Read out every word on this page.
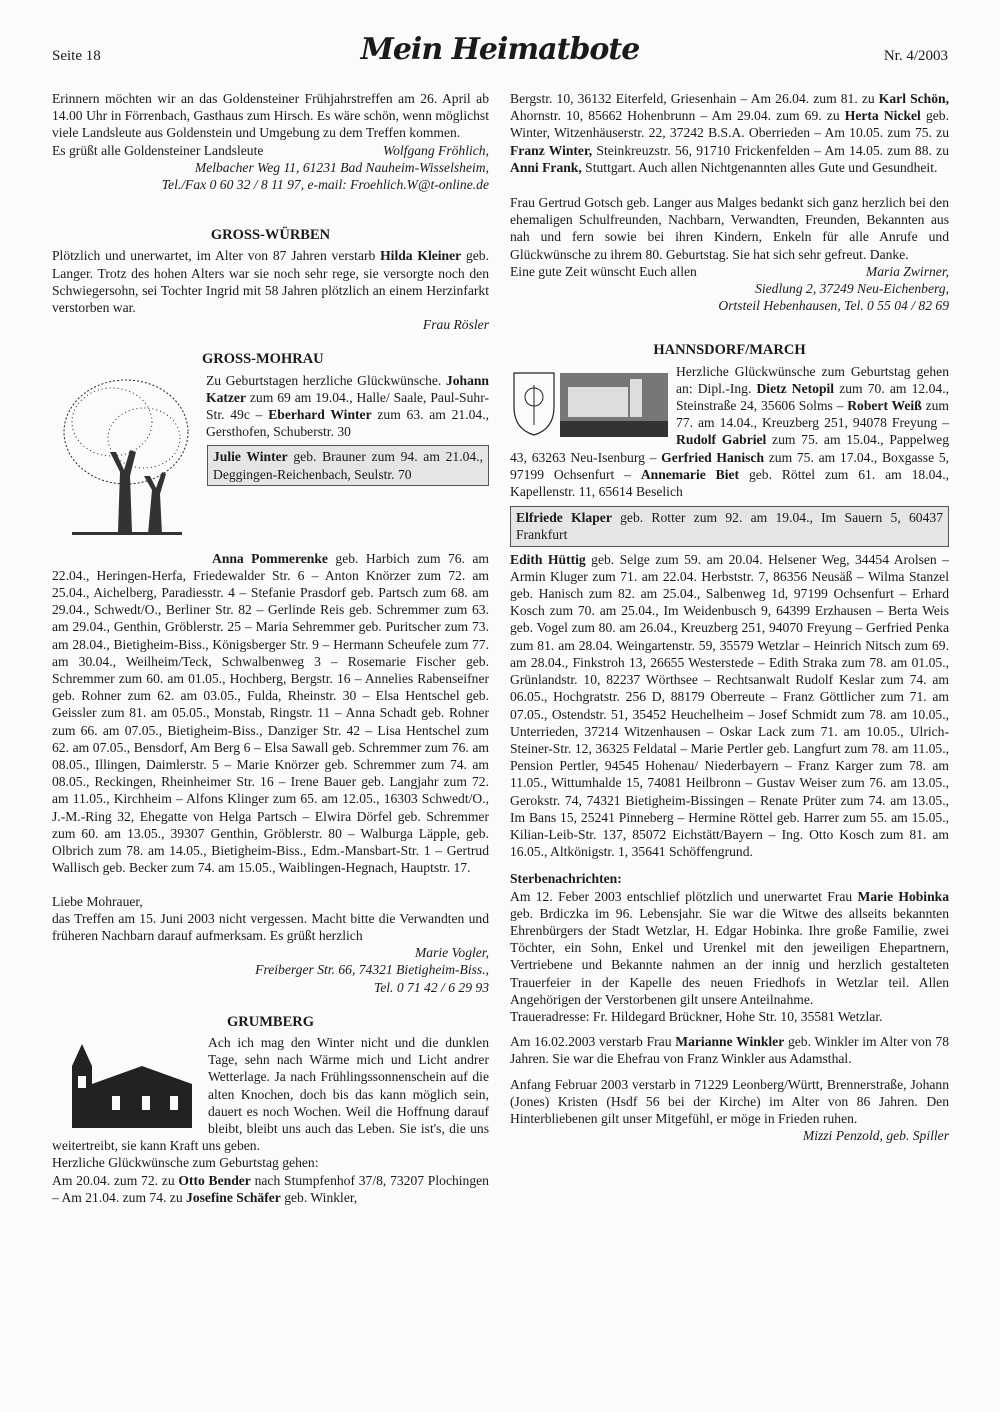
Seite 18	Mein Heimatbote	Nr. 4/2003

Erinnern möchten wir an das Goldensteiner Frühjahrstreffen am 26. April ab 14.00 Uhr in Förrenbach, Gasthaus zum Hirsch. Es wäre schön, wenn möglichst viele Landsleute aus Goldenstein und Umgebung zu dem Treffen kommen.

Es grüßt alle Goldensteiner Landsleute	Wolfgang Fröhlich,

Melbacher Weg 11, 61231 Bad Nauheim-Wisselsheim,

Tel./Fax 0 60 32 / 8 11 97, e-mail: Froehlich.W@t-online.de

GROSS-WÜRBEN

Plötzlich und unerwartet, im Alter von 87 Jahren verstarb Hilda Kleiner geb. Langer. Trotz des hohen Alters war sie noch sehr rege, sie versorgte noch den Schwiegersohn, sei Tochter Ingrid mit 58 Jahren plötzlich an einem Herzinfarkt verstorben war.

Frau Rösler

GROSS-MOHRAU

Zu Geburtstagen herzliche Glückwünsche. Johann Katzer zum 69 am 19.04., Halle/ Saale, Paul-Suhr-Str. 49c – Eberhard Winter zum 63. am 21.04., Gersthofen, Schuberstr. 30

Julie Winter geb. Brauner zum 94. am 21.04., Deggingen-Reichenbach, Seulstr. 70

Anna Pommerenke geb. Harbich zum 76. am 22.04., Heringen-Herfa, Friedewalder Str. 6 – Anton Knörzer zum 72. am 25.04., Aichelberg, Paradiesstr. 4 – Stefanie Prasdorf geb. Partsch zum 68. am 29.04., Schwedt/O., Berliner Str. 82 – Gerlinde Reis geb. Schremmer zum 63. am 29.04., Genthin, Gröblerstr. 25 – Maria Sehremmer geb. Puritscher zum 73. am 28.04., Bietigheim-Biss., Königsberger Str. 9 – Hermann Scheufele zum 77. am 30.04., Weilheim/Teck, Schwalbenweg 3 – Rosemarie Fischer geb. Schremmer zum 60. am 01.05., Hochberg, Bergstr. 16 – Annelies Rabenseifner geb. Rohner zum 62. am 03.05., Fulda, Rheinstr. 30 – Elsa Hentschel geb. Geissler zum 81. am 05.05., Monstab, Ringstr. 11 – Anna Schadt geb. Rohner zum 66. am 07.05., Bietigheim-Biss., Danziger Str. 42 – Lisa Hentschel zum 62. am 07.05., Bensdorf, Am Berg 6 – Elsa Sawall geb. Schremmer zum 76. am 08.05., Illingen, Daimlerstr. 5 – Marie Knörzer geb. Schremmer zum 74. am 08.05., Reckingen, Rheinheimer Str. 16 – Irene Bauer geb. Langjahr zum 72. am 11.05., Kirchheim – Alfons Klinger zum 65. am 12.05., 16303 Schwedt/O., J.-M.-Ring 32, Ehegatte von Helga Partsch – Elwira Dörfel geb. Schremmer zum 60. am 13.05., 39307 Genthin, Gröblerstr. 80 – Walburga Läpple, geb. Olbrich zum 78. am 14.05., Bietigheim-Biss., Edm.-Mansbart-Str. 1 – Gertrud Wallisch geb. Becker zum 74. am 15.05., Waiblingen-Hegnach, Hauptstr. 17.

Liebe Mohrauer,

das Treffen am 15. Juni 2003 nicht vergessen. Macht bitte die Verwandten und früheren Nachbarn darauf aufmerksam. Es grüßt herzlich

Marie Vogler,

Freiberger Str. 66, 74321 Bietigheim-Biss.,

Tel. 0 71 42 / 6 29 93

GRUMBERG

Ach ich mag den Winter nicht und die dunklen Tage, sehn nach Wärme mich und Licht andrer Wetterlage. Ja nach Frühlingssonnenschein auf die alten Knochen, doch bis das kann möglich sein, dauert es noch Wochen. Weil die Hoffnung darauf bleibt, bleibt uns auch das Leben. Sie ist's, die uns weitertreibt, sie kann Kraft uns geben.

Herzliche Glückwünsche zum Geburtstag gehen:

Am 20.04. zum 72. zu Otto Bender nach Stumpfenhof 37/8, 73207 Plochingen – Am 21.04. zum 74. zu Josefine Schäfer geb. Winkler,

Bergstr. 10, 36132 Eiterfeld, Griesenhain – Am 26.04. zum 81. zu Karl Schön, Ahornstr. 10, 85662 Hohenbrunn – Am 29.04. zum 69. zu Herta Nickel geb. Winter, Witzenhäuserstr. 22, 37242 B.S.A. Oberrieden – Am 10.05. zum 75. zu Franz Winter, Steinkreuzstr. 56, 91710 Frickenfelden – Am 14.05. zum 88. zu Anni Frank, Stuttgart. Auch allen Nichtgenannten alles Gute und Gesundheit.

Frau Gertrud Gotsch geb. Langer aus Malges bedankt sich ganz herzlich bei den ehemaligen Schulfreunden, Nachbarn, Verwandten, Freunden, Bekannten aus nah und fern sowie bei ihren Kindern, Enkeln für alle Anrufe und Glückwünsche zu ihrem 80. Geburtstag. Sie hat sich sehr gefreut. Danke.

Eine gute Zeit wünscht Euch allen	Maria Zwirner,

Siedlung 2, 37249 Neu-Eichenberg,

Ortsteil Hebenhausen, Tel. 0 55 04 / 82 69

HANNSDORF/MARCH

Herzliche Glückwünsche zum Geburtstag gehen an: Dipl.-Ing. Dietz Netopil zum 70. am 12.04., Steinstraße 24, 35606 Solms – Robert Weiß zum 77. am 14.04., Kreuzberg 251, 94078 Freyung – Rudolf Gabriel zum 75. am 15.04., Pappelweg 43, 63263 Neu-Isenburg – Gerfried Hanisch zum 75. am 17.04., Boxgasse 5, 97199 Ochsenfurt – Annemarie Biet geb. Röttel zum 61. am 18.04., Kapellenstr. 11, 65614 Beselich

Elfriede Klaper geb. Rotter zum 92. am 19.04., Im Sauern 5, 60437 Frankfurt

Edith Hüttig geb. Selge zum 59. am 20.04. Helsener Weg, 34454 Arolsen – Armin Kluger zum 71. am 22.04. Herbststr. 7, 86356 Neusäß – Wilma Stanzel geb. Hanisch zum 82. am 25.04., Salbenweg 1d, 97199 Ochsenfurt – Erhard Kosch zum 70. am 25.04., Im Weidenbusch 9, 64399 Erzhausen – Berta Weis geb. Vogel zum 80. am 26.04., Kreuzberg 251, 94070 Freyung – Gerfried Penka zum 81. am 28.04. Weingartenstr. 59, 35579 Wetzlar – Heinrich Nitsch zum 69. am 28.04., Finkstroh 13, 26655 Westerstede – Edith Straka zum 78. am 01.05., Grünlandstr. 10, 82237 Wörthsee – Rechtsanwalt Rudolf Keslar zum 74. am 06.05., Hochgratstr. 256 D, 88179 Oberreute – Franz Göttlicher zum 71. am 07.05., Ostendstr. 51, 35452 Heuchelheim – Josef Schmidt zum 78. am 10.05., Unterrieden, 37214 Witzenhausen – Oskar Lack zum 71. am 10.05., Ulrich-Steiner-Str. 12, 36325 Feldatal – Marie Pertler geb. Langfurt zum 78. am 11.05., Pension Pertler, 94545 Hohenau/ Niederbayern – Franz Karger zum 78. am 11.05., Wittumhalde 15, 74081 Heilbronn – Gustav Weiser zum 76. am 13.05., Gerokstr. 74, 74321 Bietigheim-Bissingen – Renate Prüter zum 74. am 13.05., Im Bans 15, 25241 Pinneberg – Hermine Röttel geb. Harrer zum 55. am 15.05., Kilian-Leib-Str. 137, 85072 Eichstätt/Bayern – Ing. Otto Kosch zum 81. am 16.05., Altkönigstr. 1, 35641 Schöffengrund.

Sterbenachrichten:

Am 12. Feber 2003 entschlief plötzlich und unerwartet Frau Marie Hobinka geb. Brdiczka im 96. Lebensjahr. Sie war die Witwe des allseits bekannten Ehrenbürgers der Stadt Wetzlar, H. Edgar Hobinka. Ihre große Familie, zwei Töchter, ein Sohn, Enkel und Urenkel mit den jeweiligen Ehepartnern, Vertriebene und Bekannte nahmen an der innig und herzlich gestalteten Trauerfeier in der Kapelle des neuen Friedhofs in Wetzlar teil. Allen Angehörigen der Verstorbenen gilt unsere Anteilnahme.

Traueradresse: Fr. Hildegard Brückner, Hohe Str. 10, 35581 Wetzlar.

Am 16.02.2003 verstarb Frau Marianne Winkler geb. Winkler im Alter von 78 Jahren. Sie war die Ehefrau von Franz Winkler aus Adamsthal.

Anfang Februar 2003 verstarb in 71229 Leonberg/Württ, Brennerstraße, Johann (Jones) Kristen (Hsdf 56 bei der Kirche) im Alter von 86 Jahren. Den Hinterbliebenen gilt unser Mitgefühl, er möge in Frieden ruhen.

Mizzi Penzold, geb. Spiller
